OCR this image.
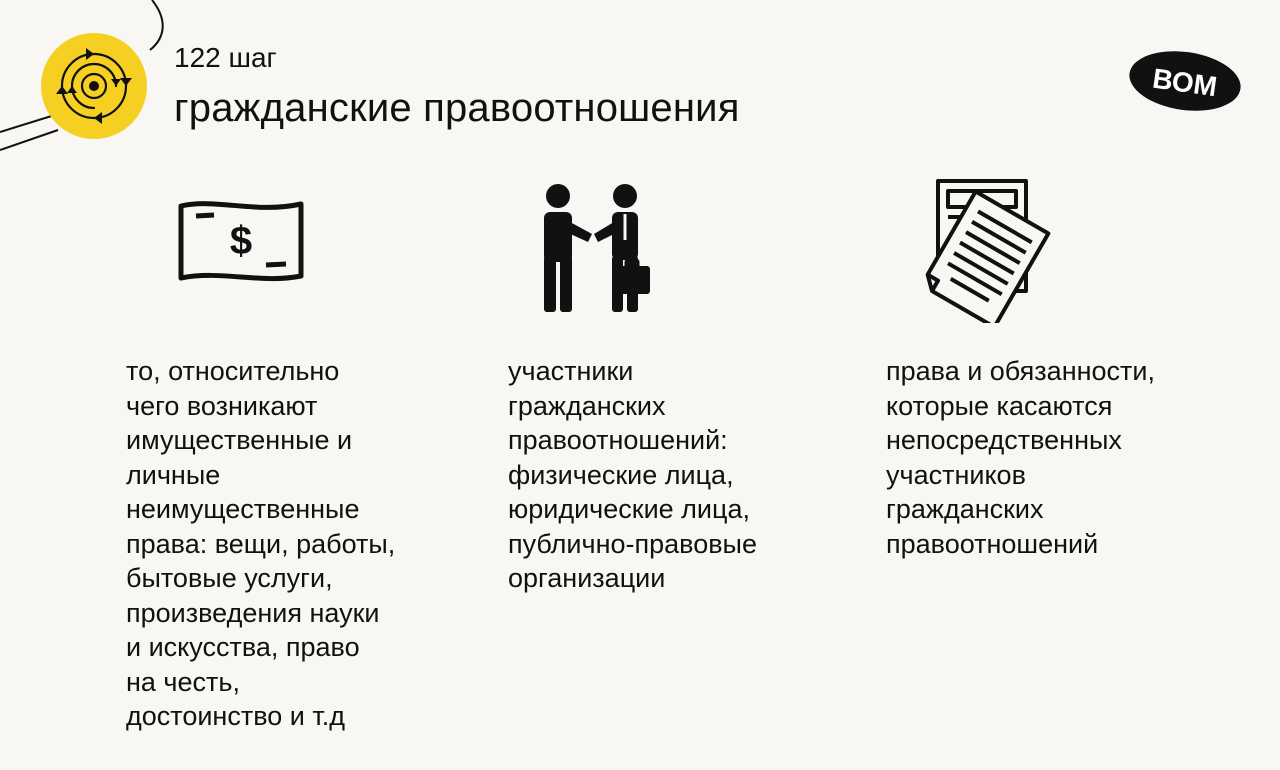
122 шаг
гражданские правоотношения
ВОМ
$
то, относительно
чего возникают
имущественные и
личные
неимущественные
права: вещи, работы,
бытовые услуги,
произведения науки
и искусства, право
на честь,
достоинство и т.д
участники
гражданских
правоотношений:
физические лица,
юридические лица,
публично-правовые
организации
права и обязанности,
которые касаются
непосредственных
участников
гражданских
правоотношений
